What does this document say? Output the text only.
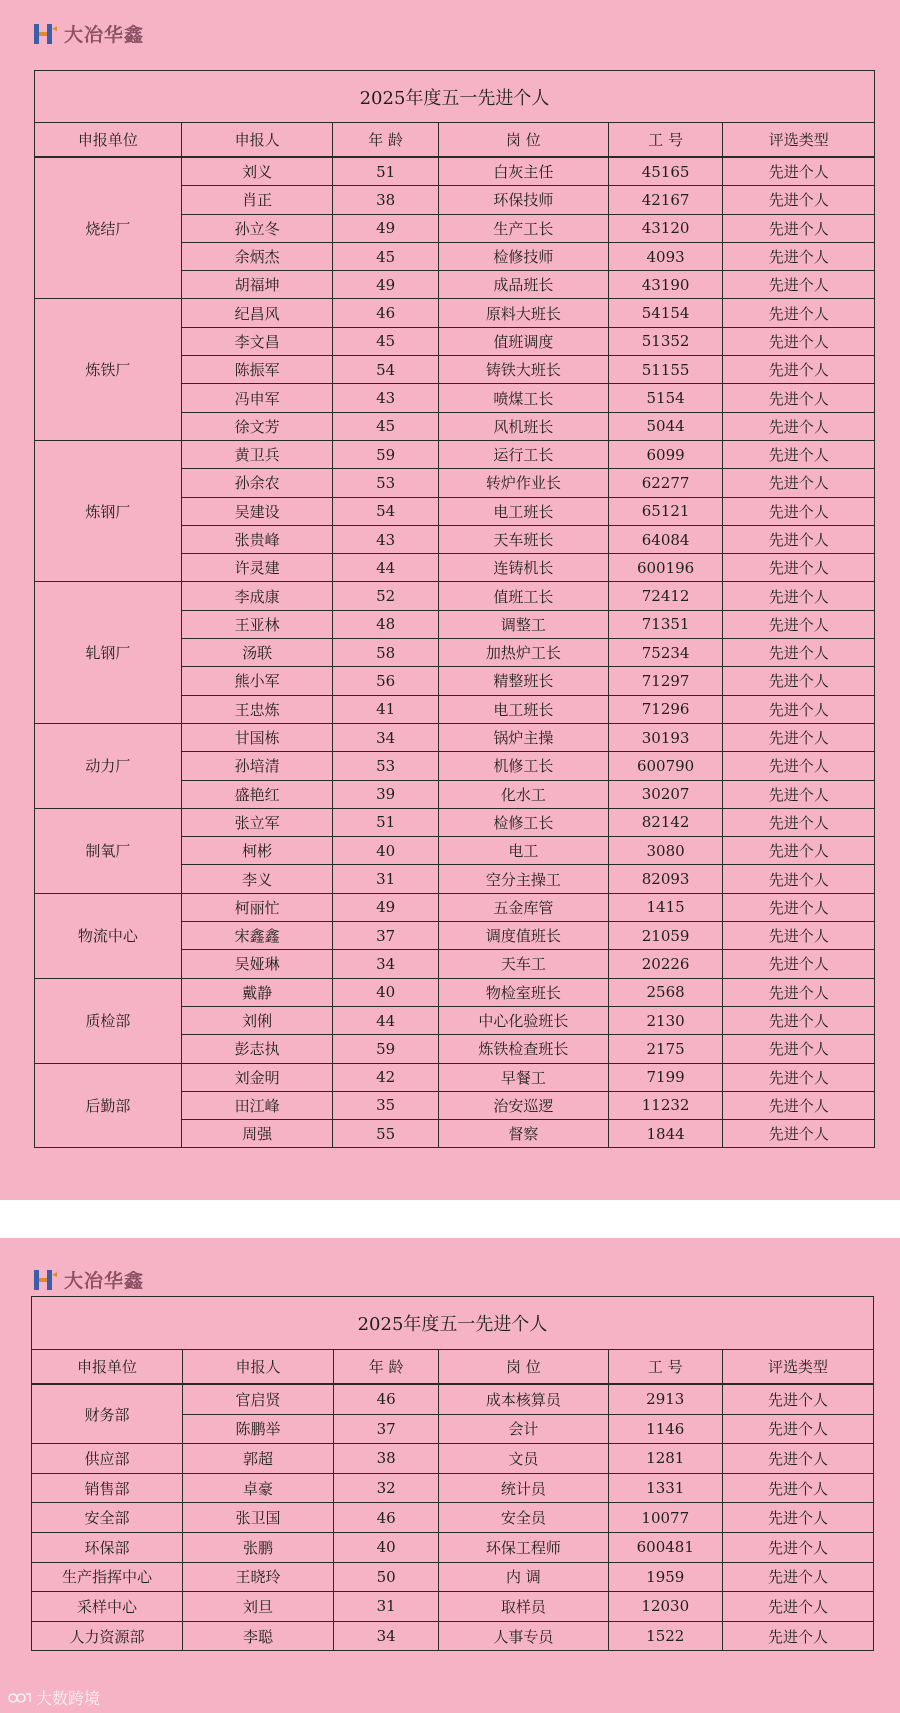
大冶华鑫
2025年度五一先进个人					
申报单位	申报人	年 龄	岗 位	工 号	评选类型
烧结厂	刘义	51	白灰主任	45165	先进个人
	肖正	38	环保技师	42167	先进个人
	孙立冬	49	生产工长	43120	先进个人
	余炳杰	45	检修技师	4093	先进个人
	胡福坤	49	成品班长	43190	先进个人
炼铁厂	纪昌风	46	原料大班长	54154	先进个人
	李文昌	45	值班调度	51352	先进个人
	陈振军	54	铸铁大班长	51155	先进个人
	冯申军	43	喷煤工长	5154	先进个人
	徐文芳	45	风机班长	5044	先进个人
炼钢厂	黄卫兵	59	运行工长	6099	先进个人
	孙余农	53	转炉作业长	62277	先进个人
	吴建设	54	电工班长	65121	先进个人
	张贵峰	43	天车班长	64084	先进个人
	许灵建	44	连铸机长	600196	先进个人
轧钢厂	李成康	52	值班工长	72412	先进个人
	王亚林	48	调整工	71351	先进个人
	汤联	58	加热炉工长	75234	先进个人
	熊小军	56	精整班长	71297	先进个人
	王忠炼	41	电工班长	71296	先进个人
动力厂	甘国栋	34	锅炉主操	30193	先进个人
	孙培清	53	机修工长	600790	先进个人
	盛艳红	39	化水工	30207	先进个人
制氧厂	张立军	51	检修工长	82142	先进个人
	柯彬	40	电工	3080	先进个人
	李义	31	空分主操工	82093	先进个人
物流中心	柯丽忙	49	五金库管	1415	先进个人
	宋鑫鑫	37	调度值班长	21059	先进个人
	吴娅琳	34	天车工	20226	先进个人
质检部	戴静	40	物检室班长	2568	先进个人
	刘俐	44	中心化验班长	2130	先进个人
	彭志执	59	炼铁检查班长	2175	先进个人
后勤部	刘金明	42	早餐工	7199	先进个人
	田江峰	35	治安巡逻	11232	先进个人
	周强	55	督察	1844	先进个人
大冶华鑫
2025年度五一先进个人					
申报单位	申报人	年 龄	岗 位	工 号	评选类型
财务部	官启贤	46	成本核算员	2913	先进个人
	陈鹏举	37	会计	1146	先进个人
供应部	郭超	38	文员	1281	先进个人
销售部	卓豪	32	统计员	1331	先进个人
安全部	张卫国	46	安全员	10077	先进个人
环保部	张鹏	40	环保工程师	600481	先进个人
生产指挥中心	王晓玲	50	内 调	1959	先进个人
采样中心	刘旦	31	取样员	12030	先进个人
人力资源部	李聪	34	人事专员	1522	先进个人
大数跨境
